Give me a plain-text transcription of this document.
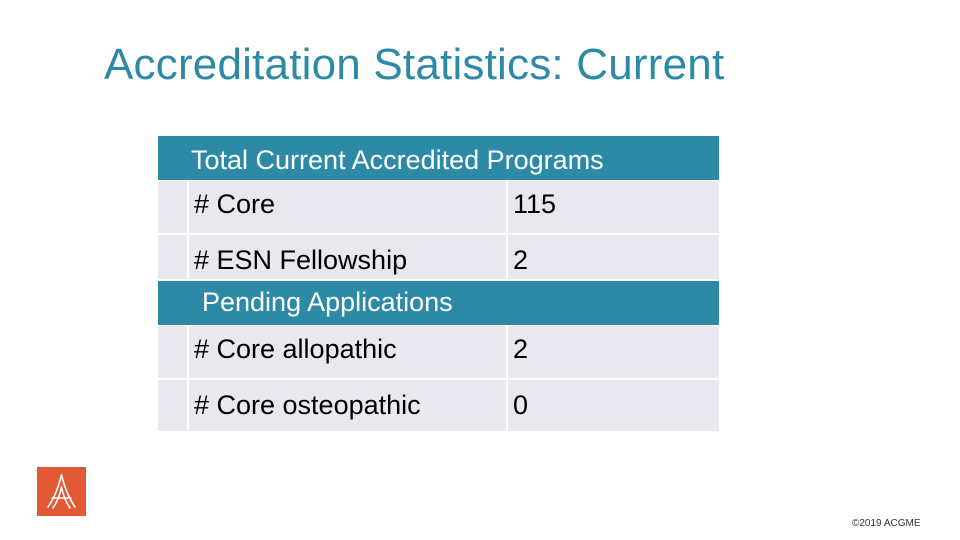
Accreditation Statistics: Current
Total Current Accredited Programs
# Core	115
# ESN Fellowship	2
Pending Applications
# Core allopathic	2
# Core osteopathic	0
©2019 ACGME
